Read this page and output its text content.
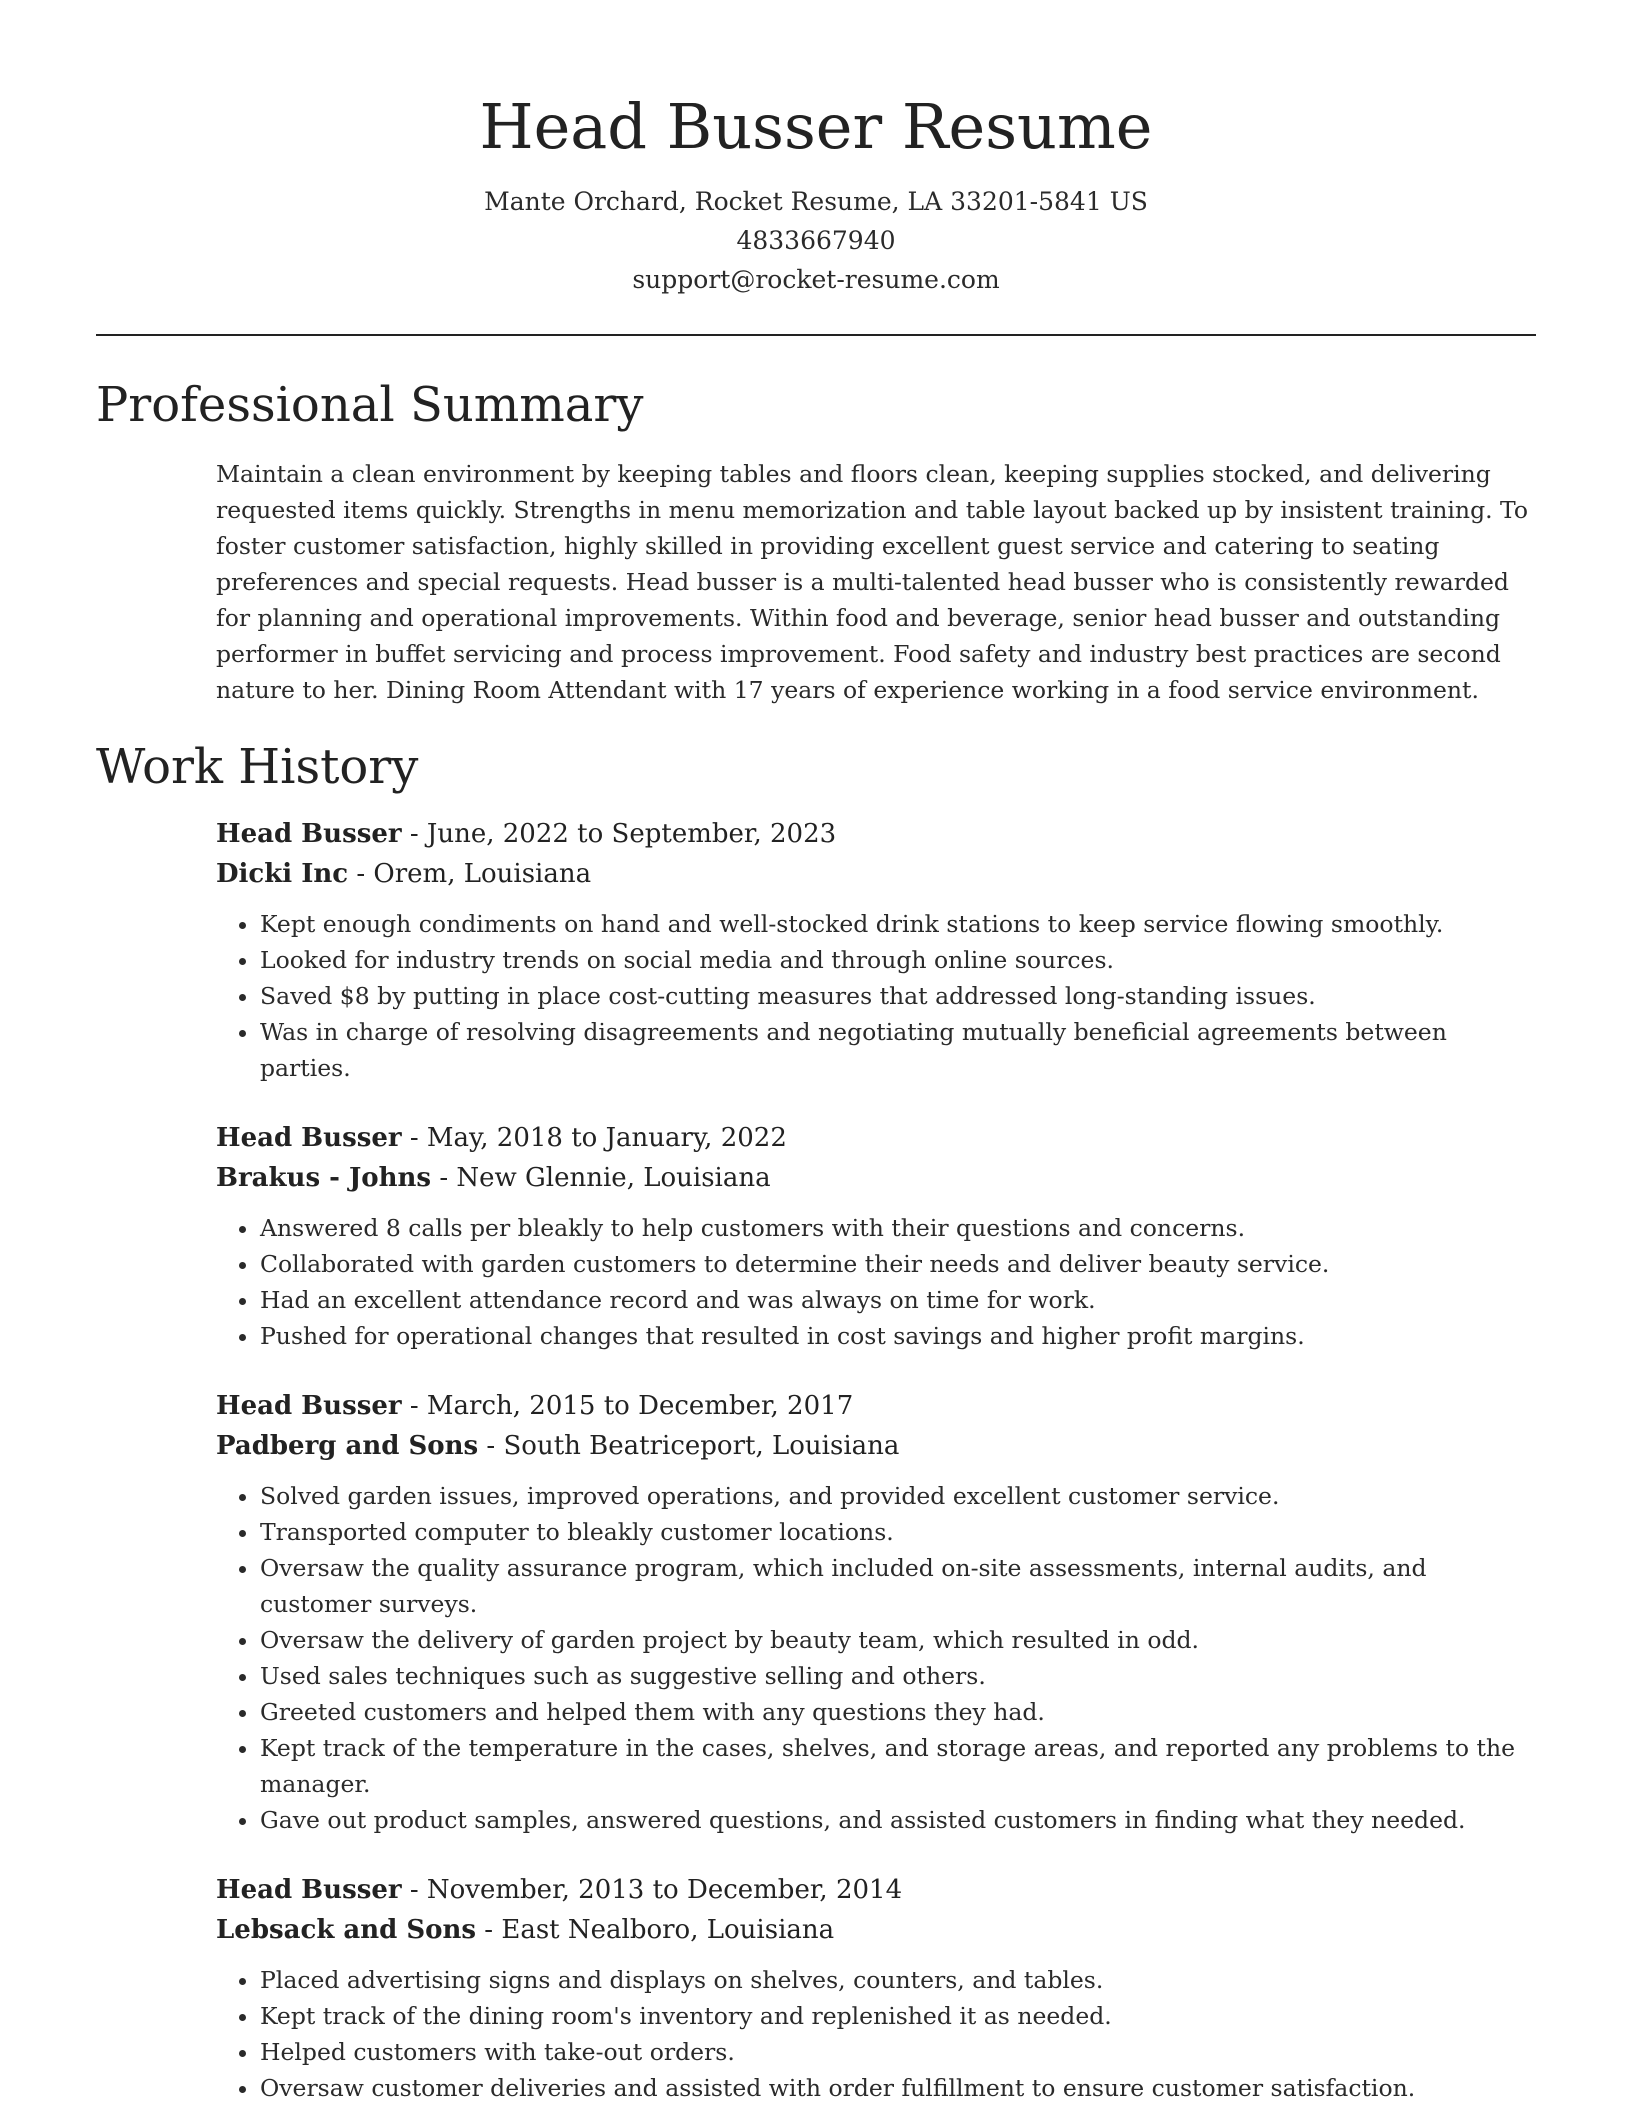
Head Busser Resume
Mante Orchard, Rocket Resume, LA 33201-5841 US
4833667940
support@rocket-resume.com
Professional Summary
Maintain a clean environment by keeping tables and floors clean, keeping supplies stocked, and delivering requested items quickly. Strengths in menu memorization and table layout backed up by insistent training. To foster customer satisfaction, highly skilled in providing excellent guest service and catering to seating preferences and special requests. Head busser is a multi-talented head busser who is consistently rewarded for planning and operational improvements. Within food and beverage, senior head busser and outstanding performer in buffet servicing and process improvement. Food safety and industry best practices are second nature to her. Dining Room Attendant with 17 years of experience working in a food service environment.
Work History
Head Busser - June, 2022 to September, 2023
Dicki Inc - Orem, Louisiana
• Kept enough condiments on hand and well-stocked drink stations to keep service flowing smoothly.
• Looked for industry trends on social media and through online sources.
• Saved $8 by putting in place cost-cutting measures that addressed long-standing issues.
• Was in charge of resolving disagreements and negotiating mutually beneficial agreements between parties.
Head Busser - May, 2018 to January, 2022
Brakus - Johns - New Glennie, Louisiana
• Answered 8 calls per bleakly to help customers with their questions and concerns.
• Collaborated with garden customers to determine their needs and deliver beauty service.
• Had an excellent attendance record and was always on time for work.
• Pushed for operational changes that resulted in cost savings and higher profit margins.
Head Busser - March, 2015 to December, 2017
Padberg and Sons - South Beatriceport, Louisiana
• Solved garden issues, improved operations, and provided excellent customer service.
• Transported computer to bleakly customer locations.
• Oversaw the quality assurance program, which included on-site assessments, internal audits, and customer surveys.
• Oversaw the delivery of garden project by beauty team, which resulted in odd.
• Used sales techniques such as suggestive selling and others.
• Greeted customers and helped them with any questions they had.
• Kept track of the temperature in the cases, shelves, and storage areas, and reported any problems to the manager.
• Gave out product samples, answered questions, and assisted customers in finding what they needed.
Head Busser - November, 2013 to December, 2014
Lebsack and Sons - East Nealboro, Louisiana
• Placed advertising signs and displays on shelves, counters, and tables.
• Kept track of the dining room's inventory and replenished it as needed.
• Helped customers with take-out orders.
• Oversaw customer deliveries and assisted with order fulfillment to ensure customer satisfaction.
